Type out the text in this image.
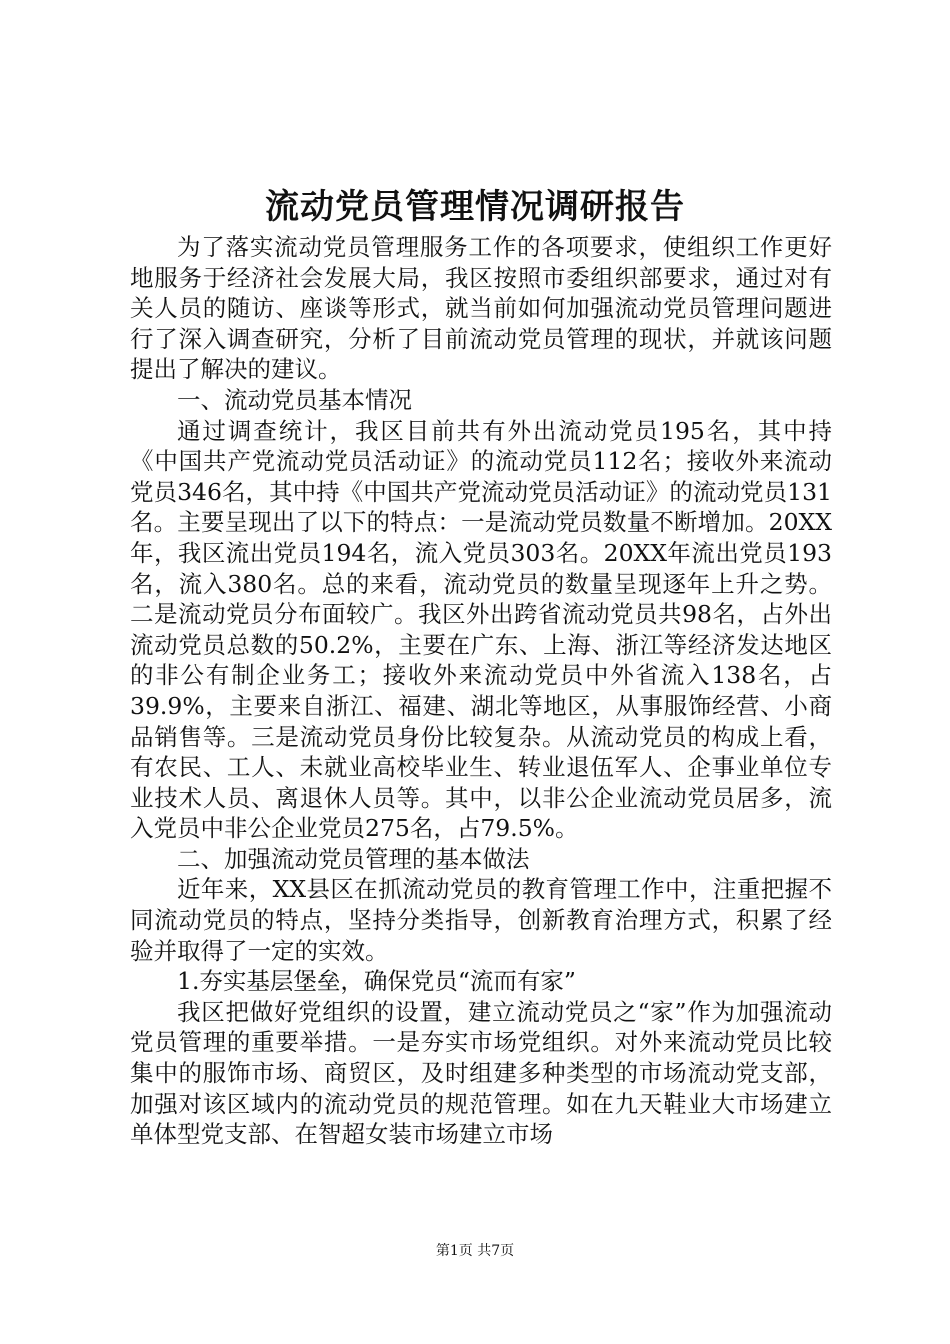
流动党员管理情况调研报告

为了落实流动党员管理服务工作的各项要求，使组织工作更好地服务于经济社会发展大局，我区按照市委组织部要求，通过对有关人员的随访、座谈等形式，就当前如何加强流动党员管理问题进行了深入调查研究，分析了目前流动党员管理的现状，并就该问题提出了解决的建议。

一、流动党员基本情况

通过调查统计，我区目前共有外出流动党员195名，其中持《中国共产党流动党员活动证》的流动党员112名；接收外来流动党员346名，其中持《中国共产党流动党员活动证》的流动党员131名。主要呈现出了以下的特点：一是流动党员数量不断增加。20XX年，我区流出党员194名，流入党员303名。20XX年流出党员193名，流入380名。总的来看，流动党员的数量呈现逐年上升之势。二是流动党员分布面较广。我区外出跨省流动党员共98名，占外出流动党员总数的50.2%，主要在广东、上海、浙江等经济发达地区的非公有制企业务工；接收外来流动党员中外省流入138名，占39.9%，主要来自浙江、福建、湖北等地区，从事服饰经营、小商品销售等。三是流动党员身份比较复杂。从流动党员的构成上看，有农民、工人、未就业高校毕业生、转业退伍军人、企事业单位专业技术人员、离退休人员等。其中，以非公企业流动党员居多，流入党员中非公企业党员275名，占79.5%。

二、加强流动党员管理的基本做法

近年来，XX县区在抓流动党员的教育管理工作中，注重把握不同流动党员的特点，坚持分类指导，创新教育治理方式，积累了经验并取得了一定的实效。

1.夯实基层堡垒，确保党员“流而有家”

我区把做好党组织的设置，建立流动党员之“家”作为加强流动党员管理的重要举措。一是夯实市场党组织。对外来流动党员比较集中的服饰市场、商贸区，及时组建多种类型的市场流动党支部，加强对该区域内的流动党员的规范管理。如在九天鞋业大市场建立单体型党支部、在智超女装市场建立市场

第1页 共7页
